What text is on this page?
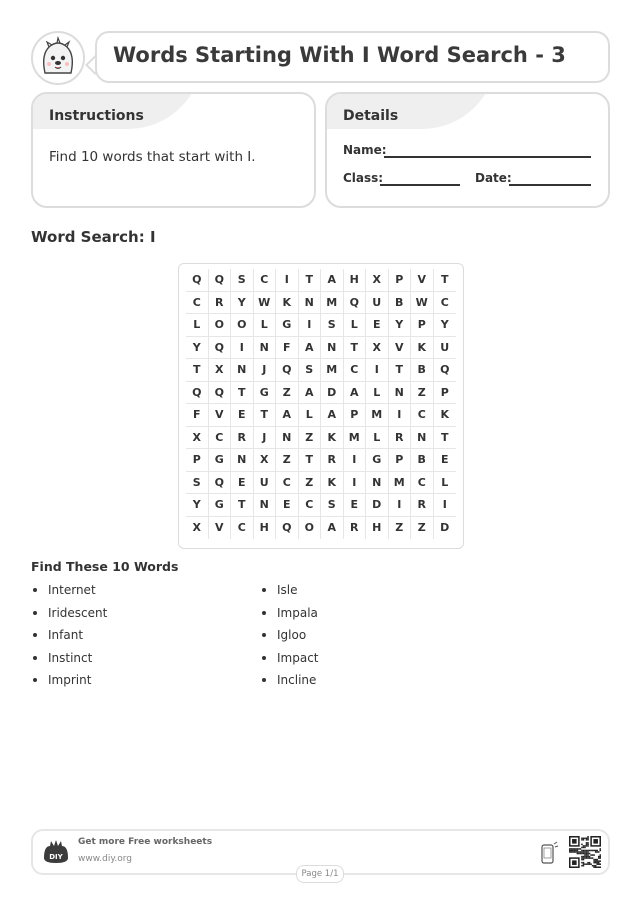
Words Starting With I Word Search - 3
Instructions
Find 10 words that start with I.
Details
Name:
Class:	Date:
Word Search: I
Q	Q	S	C	I	T	A	H	X	P	V	T
C	R	Y	W	K	N	M	Q	U	B	W	C
L	O	O	L	G	I	S	L	E	Y	P	Y
Y	Q	I	N	F	A	N	T	X	V	K	U
T	X	N	J	Q	S	M	C	I	T	B	Q
Q	Q	T	G	Z	A	D	A	L	N	Z	P
F	V	E	T	A	L	A	P	M	I	C	K
X	C	R	J	N	Z	K	M	L	R	N	T
P	G	N	X	Z	T	R	I	G	P	B	E
S	Q	E	U	C	Z	K	I	N	M	C	L
Y	G	T	N	E	C	S	E	D	I	R	I
X	V	C	H	Q	O	A	R	H	Z	Z	D
Find These 10 Words
Internet
Iridescent
Infant
Instinct
Imprint
Isle
Impala
Igloo
Impact
Incline
DIY
Get more Free worksheets
www.diy.org
Page 1/1
